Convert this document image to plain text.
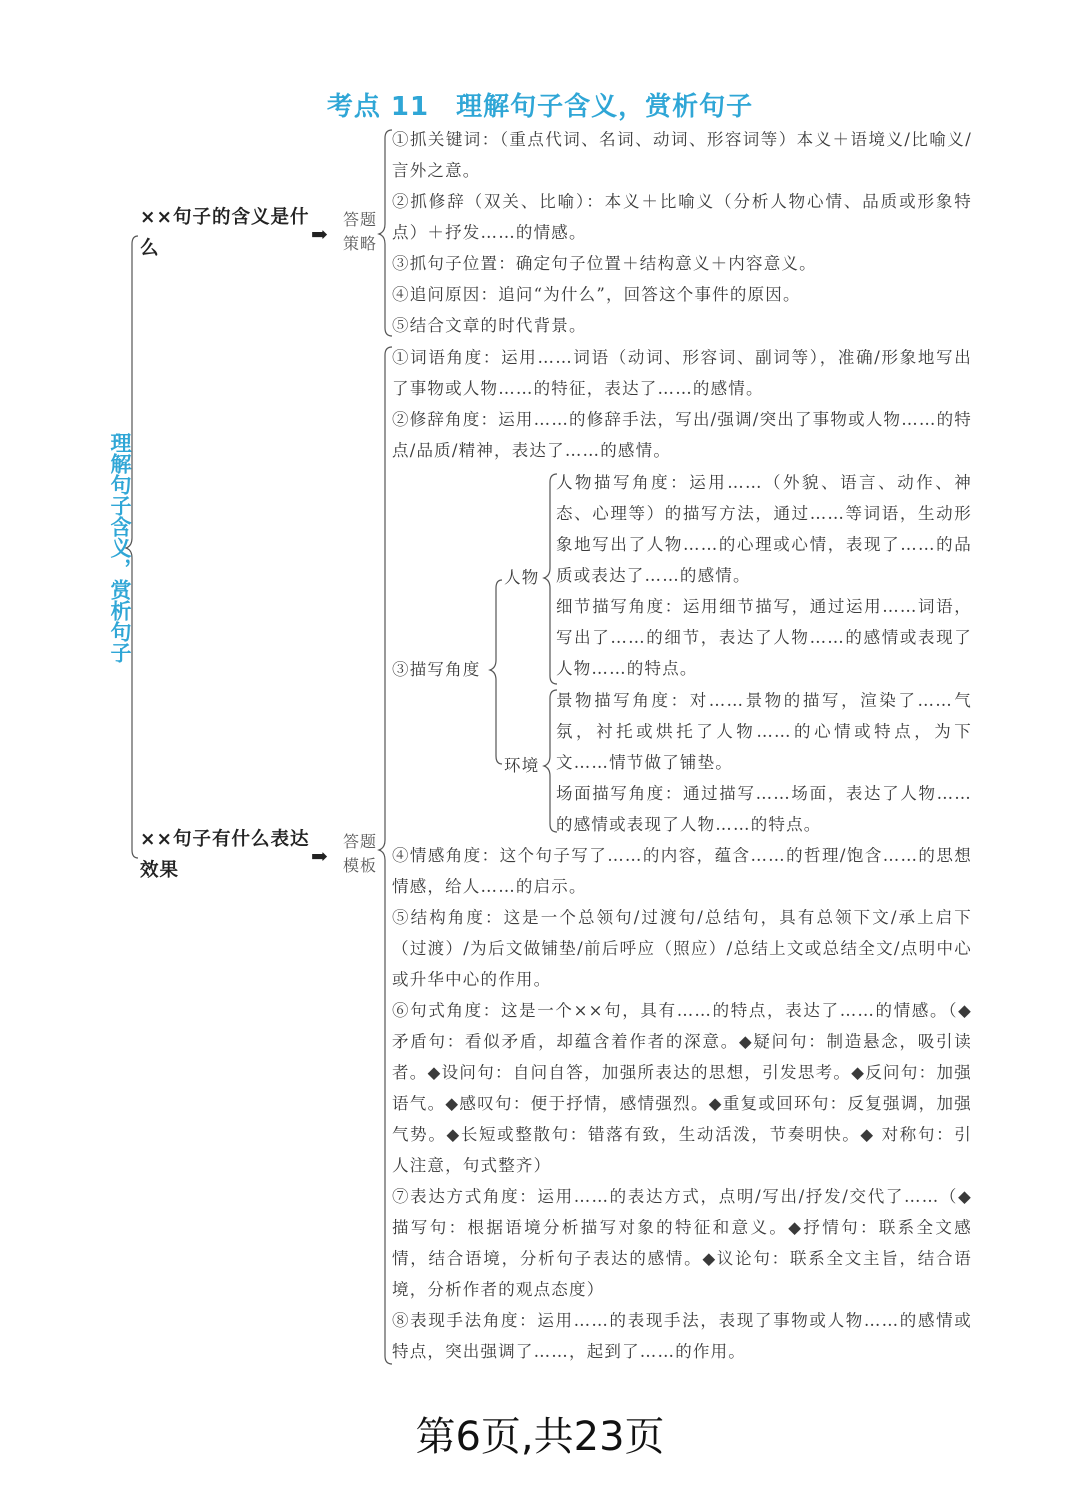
考点 11　理解句子含义，赏析句子
理解句子含义，赏析句子
××句子的含义是什么
➡
答题策略

①抓关键词：（重点代词、名词、动词、形容词等）本义＋语境义/比喻义/言外之意。

②抓修辞（双关、比喻）：本义＋比喻义（分析人物心情、品质或形象特点）＋抒发……的情感。

③抓句子位置：确定句子位置＋结构意义＋内容意义。

④追问原因：追问“为什么”，回答这个事件的原因。

⑤结合文章的时代背景。

××句子有什么表达效果
➡
答题模板

①词语角度：运用……词语（动词、形容词、副词等），准确/形象地写出了事物或人物……的特征，表达了……的感情。

②修辞角度：运用……的修辞手法，写出/强调/突出了事物或人物……的特点/品质/精神，表达了……的感情。

③描写角度
人物
环境

人物描写角度：运用……（外貌、语言、动作、神态、心理等）的描写方法，通过……等词语，生动形象地写出了人物……的心理或心情，表现了……的品质或表达了……的感情。

细节描写角度：运用细节描写，通过运用……词语，写出了……的细节，表达了人物……的感情或表现了人物……的特点。

景物描写角度：对……景物的描写，渲染了……气氛，衬托或烘托了人物……的心情或特点，为下文……情节做了铺垫。

场面描写角度：通过描写……场面，表达了人物……的感情或表现了人物……的特点。

④情感角度：这个句子写了……的内容，蕴含……的哲理/饱含……的思想情感，给人……的启示。

⑤结构角度：这是一个总领句/过渡句/总结句，具有总领下文/承上启下（过渡）/为后文做铺垫/前后呼应（照应）/总结上文或总结全文/点明中心或升华中心的作用。

⑥句式角度：这是一个××句，具有……的特点，表达了……的情感。（◆矛盾句：看似矛盾，却蕴含着作者的深意。◆疑问句：制造悬念，吸引读者。◆设问句：自问自答，加强所表达的思想，引发思考。◆反问句：加强语气。◆感叹句：便于抒情，感情强烈。◆重复或回环句：反复强调，加强气势。◆长短或整散句：错落有致，生动活泼，节奏明快。◆ 对称句：引人注意，句式整齐）

⑦表达方式角度：运用……的表达方式，点明/写出/抒发/交代了……（◆描写句：根据语境分析描写对象的特征和意义。◆抒情句：联系全文感情，结合语境，分析句子表达的感情。◆议论句：联系全文主旨，结合语境，分析作者的观点态度）

⑧表现手法角度：运用……的表现手法，表现了事物或人物……的感情或特点，突出强调了……，起到了……的作用。

第6页,共23页
